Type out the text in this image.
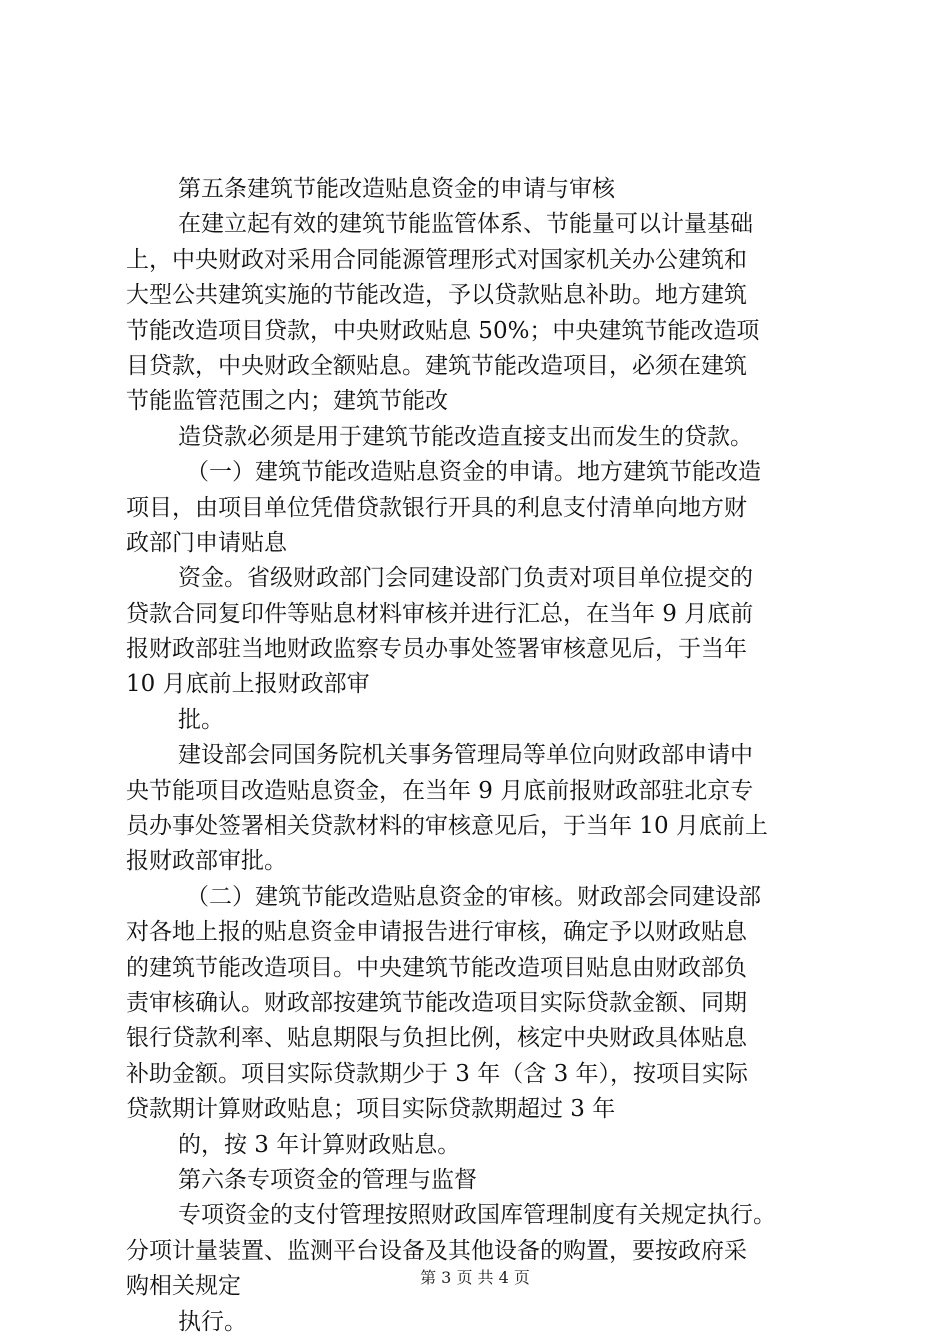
第五条建筑节能改造贴息资金的申请与审核
在建立起有效的建筑节能监管体系、节能量可以计量基础
上，中央财政对采用合同能源管理形式对国家机关办公建筑和
大型公共建筑实施的节能改造，予以贷款贴息补助。地方建筑
节能改造项目贷款，中央财政贴息 50%；中央建筑节能改造项
目贷款，中央财政全额贴息。建筑节能改造项目，必须在建筑
节能监管范围之内；建筑节能改
造贷款必须是用于建筑节能改造直接支出而发生的贷款。
（一）建筑节能改造贴息资金的申请。地方建筑节能改造
项目，由项目单位凭借贷款银行开具的利息支付清单向地方财
政部门申请贴息
资金。省级财政部门会同建设部门负责对项目单位提交的
贷款合同复印件等贴息材料审核并进行汇总，在当年 9 月底前
报财政部驻当地财政监察专员办事处签署审核意见后，于当年
10 月底前上报财政部审
批。
建设部会同国务院机关事务管理局等单位向财政部申请中
央节能项目改造贴息资金，在当年 9 月底前报财政部驻北京专
员办事处签署相关贷款材料的审核意见后，于当年 10 月底前上
报财政部审批。
（二）建筑节能改造贴息资金的审核。财政部会同建设部
对各地上报的贴息资金申请报告进行审核，确定予以财政贴息
的建筑节能改造项目。中央建筑节能改造项目贴息由财政部负
责审核确认。财政部按建筑节能改造项目实际贷款金额、同期
银行贷款利率、贴息期限与负担比例，核定中央财政具体贴息
补助金额。项目实际贷款期少于 3 年（含 3 年），按项目实际
贷款期计算财政贴息；项目实际贷款期超过 3 年
的，按 3 年计算财政贴息。
第六条专项资金的管理与监督
专项资金的支付管理按照财政国库管理制度有关规定执行。
分项计量装置、监测平台设备及其他设备的购置，要按政府采
购相关规定
执行。
第 3 页 共 4 页
